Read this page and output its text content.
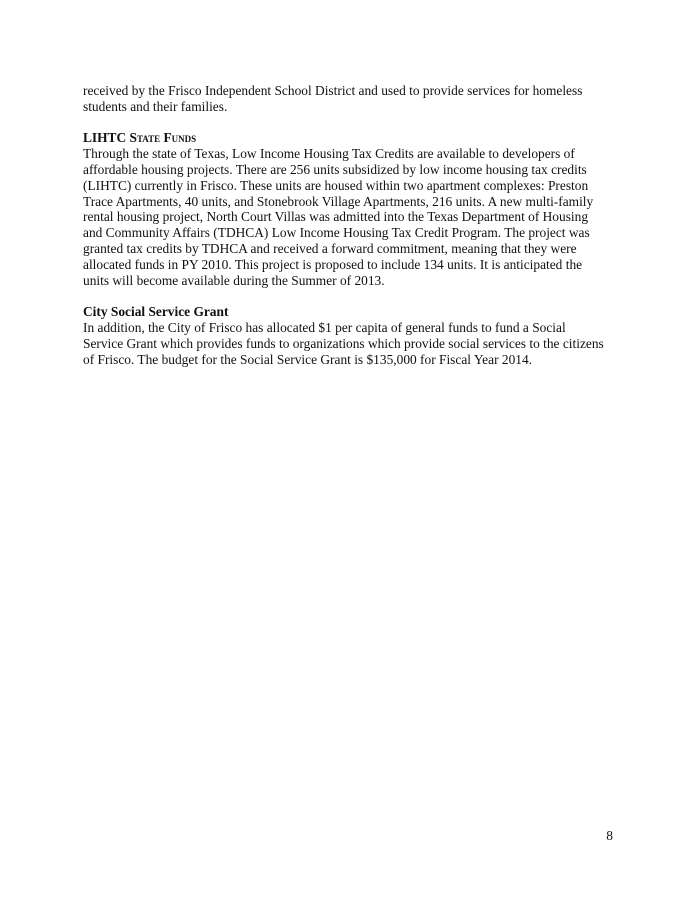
received by the Frisco Independent School District and used to provide services for homeless
students and their families.

LIHTC State Funds

Through the state of Texas, Low Income Housing Tax Credits are available to developers of
affordable housing projects. There are 256 units subsidized by low income housing tax credits
(LIHTC) currently in Frisco. These units are housed within two apartment complexes: Preston
Trace Apartments, 40 units, and Stonebrook Village Apartments, 216 units. A new multi-family
rental housing project, North Court Villas was admitted into the Texas Department of Housing
and Community Affairs (TDHCA) Low Income Housing Tax Credit Program. The project was
granted tax credits by TDHCA and received a forward commitment, meaning that they were
allocated funds in PY 2010. This project is proposed to include 134 units. It is anticipated the
units will become available during the Summer of 2013.

City Social Service Grant

In addition, the City of Frisco has allocated $1 per capita of general funds to fund a Social
Service Grant which provides funds to organizations which provide social services to the citizens
of Frisco. The budget for the Social Service Grant is $135,000 for Fiscal Year 2014.

8
